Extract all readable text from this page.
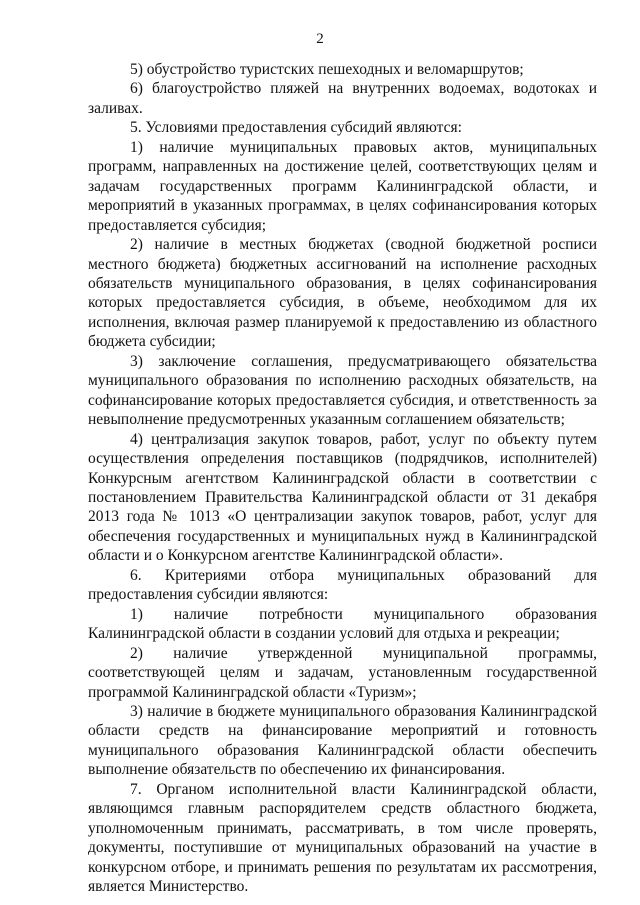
2

5) обустройство туристских пешеходных и веломаршрутов;

6) благоустройство пляжей на внутренних водоемах, водотоках и заливах.

5. Условиями предоставления субсидий являются:

1) наличие муниципальных правовых актов, муниципальных программ, направленных на достижение целей, соответствующих целям и задачам государственных программ Калининградской области, и мероприятий в указанных программах, в целях софинансирования которых предоставляется субсидия;

2) наличие в местных бюджетах (сводной бюджетной росписи местного бюджета) бюджетных ассигнований на исполнение расходных обязательств муниципального образования, в целях софинансирования которых предоставляется субсидия, в объеме, необходимом для их исполнения, включая размер планируемой к предоставлению из областного бюджета субсидии;

3) заключение соглашения, предусматривающего обязательства муниципального образования по исполнению расходных обязательств, на софинансирование которых предоставляется субсидия, и ответственность за невыполнение предусмотренных указанным соглашением обязательств;

4) централизация закупок товаров, работ, услуг по объекту путем осуществления определения поставщиков (подрядчиков, исполнителей) Конкурсным агентством Калининградской области в соответствии с постановлением Правительства Калининградской области от 31 декабря 2013 года № 1013 «О централизации закупок товаров, работ, услуг для обеспечения государственных и муниципальных нужд в Калининградской области и о Конкурсном агентстве Калининградской области».

6. Критериями отбора муниципальных образований для предоставления субсидии являются:

1) наличие потребности муниципального образования Калининградской области в создании условий для отдыха и рекреации;

2) наличие утвержденной муниципальной программы, соответствующей целям и задачам, установленным государственной программой Калининградской области «Туризм»;

3) наличие в бюджете муниципального образования Калининградской области средств на финансирование мероприятий и готовность муниципального образования Калининградской области обеспечить выполнение обязательств по обеспечению их финансирования.

7. Органом исполнительной власти Калининградской области, являющимся главным распорядителем средств областного бюджета, уполномоченным принимать, рассматривать, в том числе проверять, документы, поступившие от муниципальных образований на участие в конкурсном отборе, и принимать решения по результатам их рассмотрения, является Министерство.
